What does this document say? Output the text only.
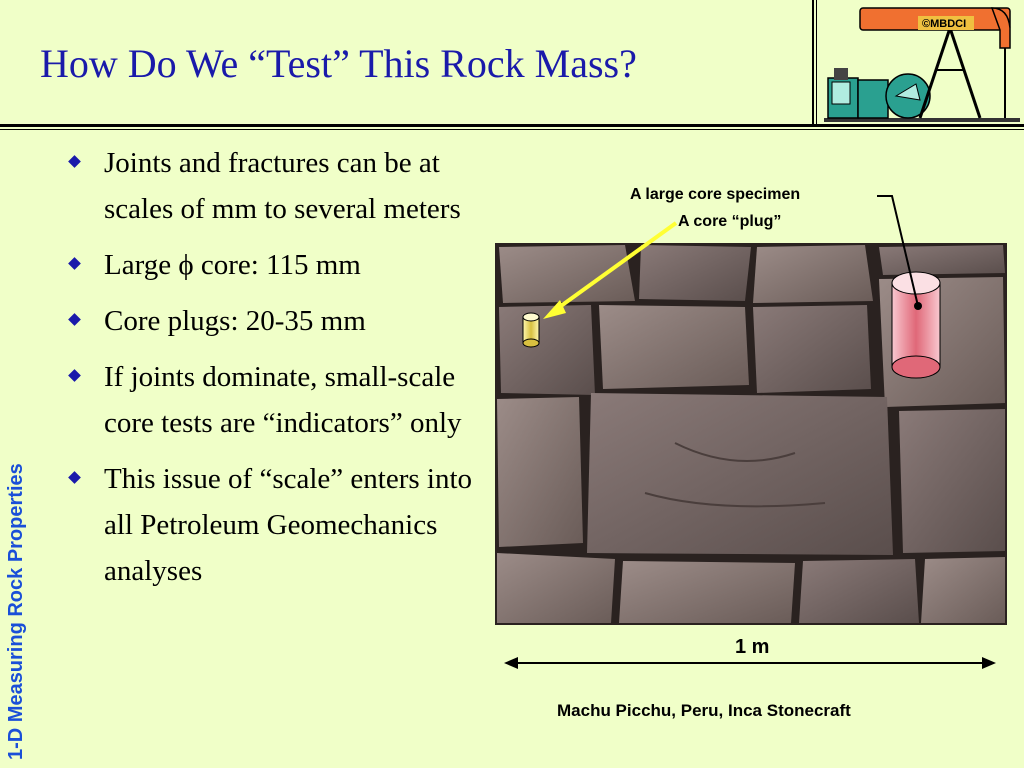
How Do We “Test” This Rock Mass?
©MBDCI
1-D Measuring Rock Properties
Joints and fractures can be at scales of mm to several meters
Large ϕ core: 115 mm
Core plugs: 20-35 mm
If joints dominate, small-scale core tests are “indicators” only
This issue of “scale” enters into all Petroleum Geomechanics analyses
A large core specimen
A core “plug”
1 m
Machu Picchu, Peru, Inca Stonecraft
